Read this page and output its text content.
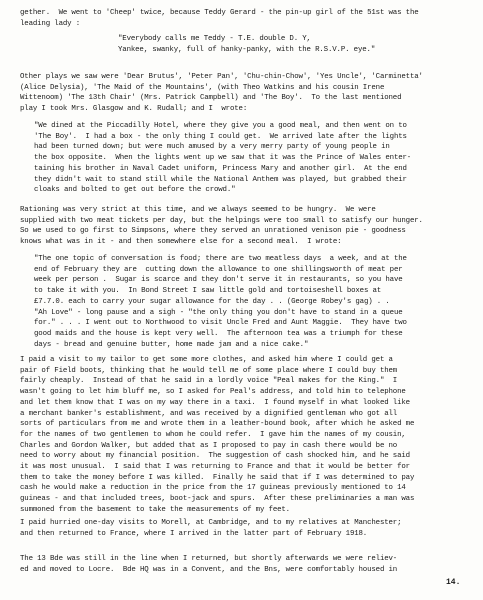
gether.  We went to 'Cheep' twice, because Teddy Gerard - the pin-up girl of the 51st was the
leading lady :
"Everybody calls me Teddy - T.E. double D. Y,
Yankee, swanky, full of hanky-panky, with the R.S.V.P. eye."
Other plays we saw were 'Dear Brutus', 'Peter Pan', 'Chu-chin-Chow', 'Yes Uncle', 'Carminetta'
(Alice Delysia), 'The Maid of the Mountains', (with Theo Watkins and his cousin Irene
Wittenoom) 'The 13th Chair' (Mrs. Patrick Campbell) and 'The Boy'.  To the last mentioned
play I took Mrs. Glasgow and K. Rudall; and I  wrote:
"We dined at the Piccadilly Hotel, where they give you a good meal, and then went on to
'The Boy'.  I had a box - the only thing I could get.  We arrived late after the lights
had been turned down; but were much amused by a very merry party of young people in
the box opposite.  When the lights went up we saw that it was the Prince of Wales enter-
taining his brother in Naval Cadet uniform, Princess Mary and another girl.  At the end
they didn't wait to stand still while the National Anthem was played, but grabbed their
cloaks and bolted to get out before the crowd."
Rationing was very strict at this time, and we always seemed to be hungry.  We were
supplied with two meat tickets per day, but the helpings were too small to satisfy our hunger.
So we used to go first to Simpsons, where they served an unrationed venison pie - goodness
knows what was in it - and then somewhere else for a second meal.  I wrote:
"The one topic of conversation is food; there are two meatless days  a week, and at the
end of February they are  cutting down the allowance to one shillingsworth of meat per
week per person .  Sugar is scarce and they don't serve it in restaurants, so you have
to take it with you.  In Bond Street I saw little gold and tortoiseshell boxes at
£7.7.0. each to carry your sugar allowance for the day . . (George Robey's gag) . .
"Ah Love" - long pause and a sigh - "the only thing you don't have to stand in a queue
for." . . . I went out to Northwood to visit Uncle Fred and Aunt Maggie.  They have two
good maids and the house is kept very well.  The afternoon tea was a triumph for these
days - bread and genuine butter, home made jam and a nice cake."
I paid a visit to my tailor to get some more clothes, and asked him where I could get a
pair of Field boots, thinking that he would tell me of some place where I could buy them
fairly cheaply.  Instead of that he said in a lordly voice "Peal makes for the King."  I
wasn't going to let him bluff me, so I asked for Peal's address, and told him to telephone
and let them know that I was on my way there in a taxi.  I found myself in what looked like
a merchant banker's establishment, and was received by a dignified gentleman who got all
sorts of particulars from me and wrote them in a leather-bound book, after which he asked me
for the names of two gentlemen to whom he could refer.  I gave him the names of my cousin,
Charles and Gordon Walker, but added that as I proposed to pay in cash there would be no
need to worry about my financial position.  The suggestion of cash shocked him, and he said
it was most unusual.  I said that I was returning to France and that it would be better for
them to take the money before I was killed.  Finally he said that if I was determined to pay
cash he would make a reduction in the price from the 17 guineas previously mentioned to 14
guineas - and that included trees, boot-jack and spurs.  After these preliminaries a man was
summoned from the basement to take the measurements of my feet.
I paid hurried one-day visits to Morell, at Cambridge, and to my relatives at Manchester;
and then returned to France, where I arrived in the latter part of February 1918.
The 13 Bde was still in the line when I returned, but shortly afterwards we were reliev-
ed and moved to Locre.  Bde HQ was in a Convent, and the Bns, were comfortably housed in
14.
